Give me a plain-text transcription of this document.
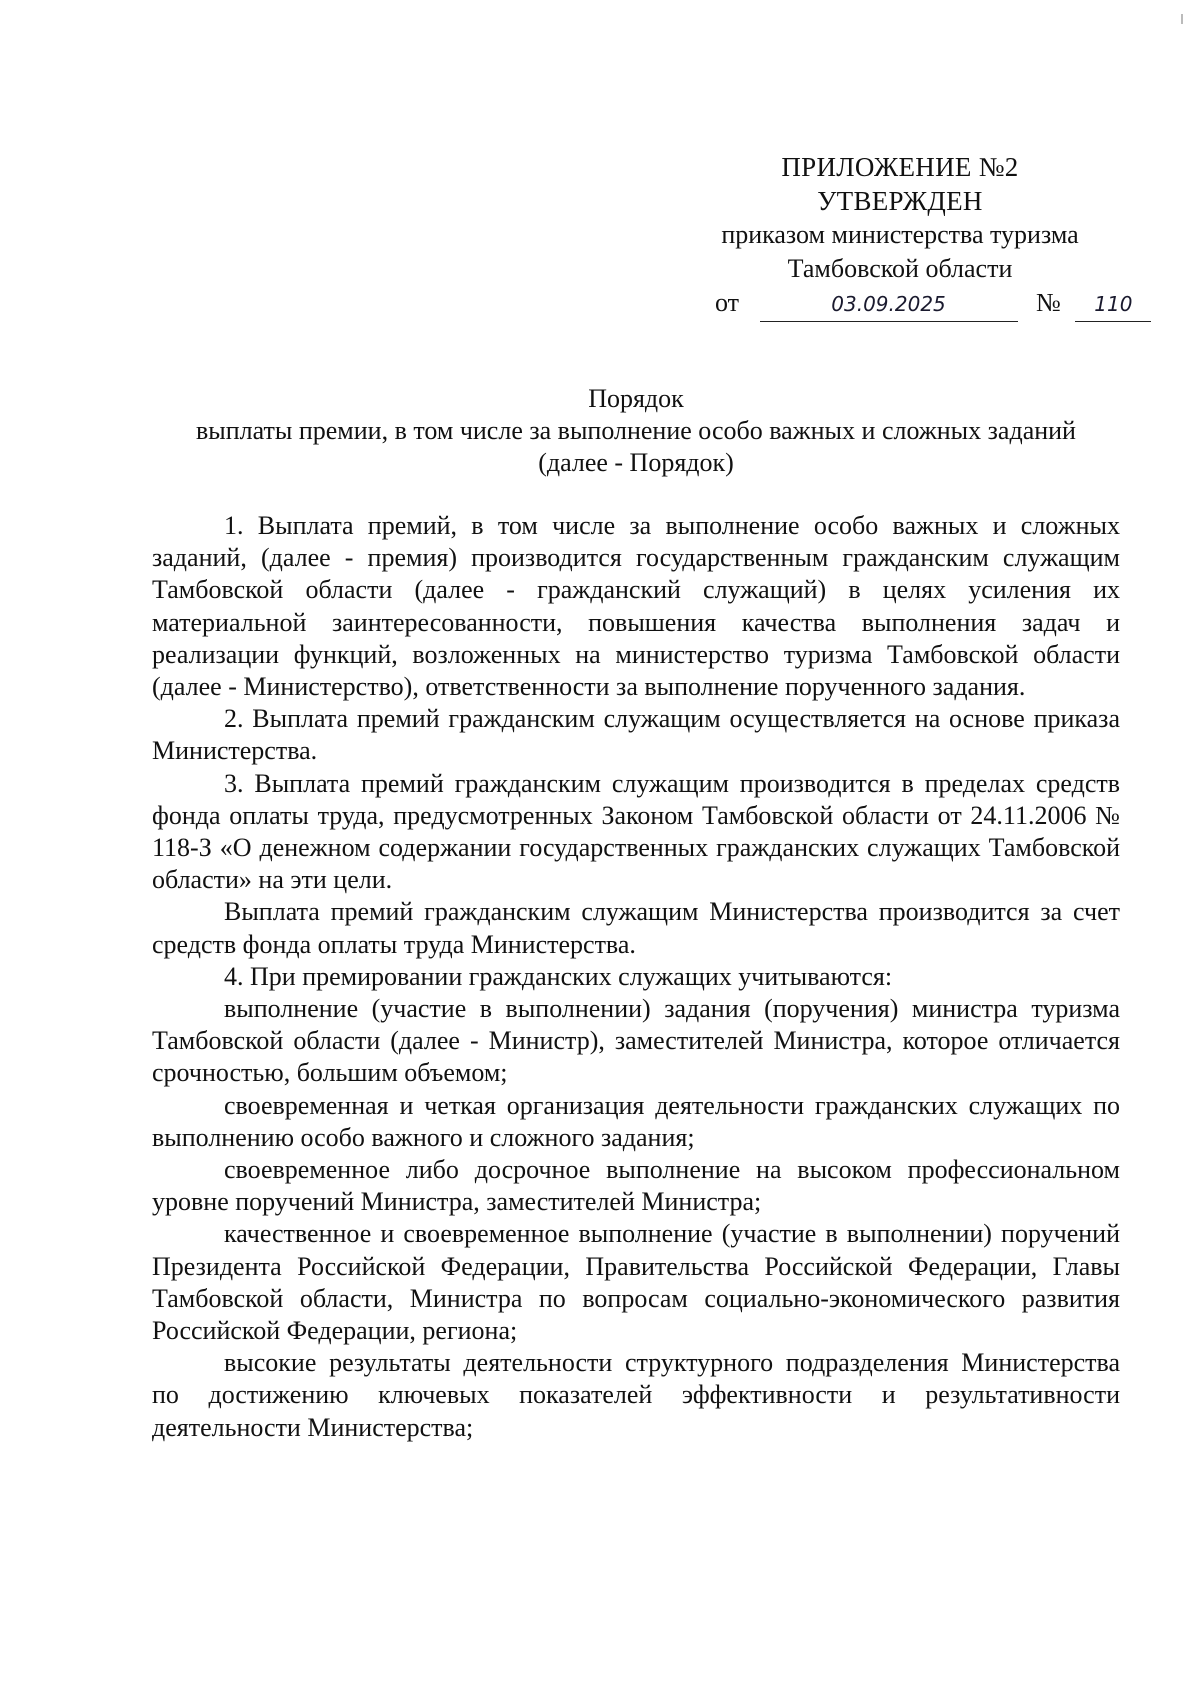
ПРИЛОЖЕНИЕ №2
УТВЕРЖДЕН
приказом министерства туризма
Тамбовской области
от	03.09.2025	№ 110
Порядок
выплаты премии, в том числе за выполнение особо важных и сложных заданий
(далее - Порядок)

1. Выплата премий, в том числе за выполнение особо важных и сложных заданий, (далее - премия) производится государственным гражданским служащим Тамбовской области (далее - гражданский служащий) в целях усиления их материальной заинтересованности, повышения качества выполнения задач и реализации функций, возложенных на министерство туризма Тамбовской области (далее - Министерство), ответственности за выполнение порученного задания.

2. Выплата премий гражданским служащим осуществляется на основе приказа Министерства.

3. Выплата премий гражданским служащим производится в пределах средств фонда оплаты труда, предусмотренных Законом Тамбовской области от 24.11.2006 № 118-З «О денежном содержании государственных гражданских служащих Тамбовской области» на эти цели.

Выплата премий гражданским служащим Министерства производится за счет средств фонда оплаты труда Министерства.

4. При премировании гражданских служащих учитываются:

выполнение (участие в выполнении) задания (поручения) министра туризма Тамбовской области (далее - Министр), заместителей Министра, которое отличается срочностью, большим объемом;

своевременная и четкая организация деятельности гражданских служащих по выполнению особо важного и сложного задания;

своевременное либо досрочное выполнение на высоком профессиональном уровне поручений Министра, заместителей Министра;

качественное и своевременное выполнение (участие в выполнении) поручений Президента Российской Федерации, Правительства Российской Федерации, Главы Тамбовской области, Министра по вопросам социально-экономического развития Российской Федерации, региона;

высокие результаты деятельности структурного подразделения Министерства по достижению ключевых показателей эффективности и результативности деятельности Министерства;
